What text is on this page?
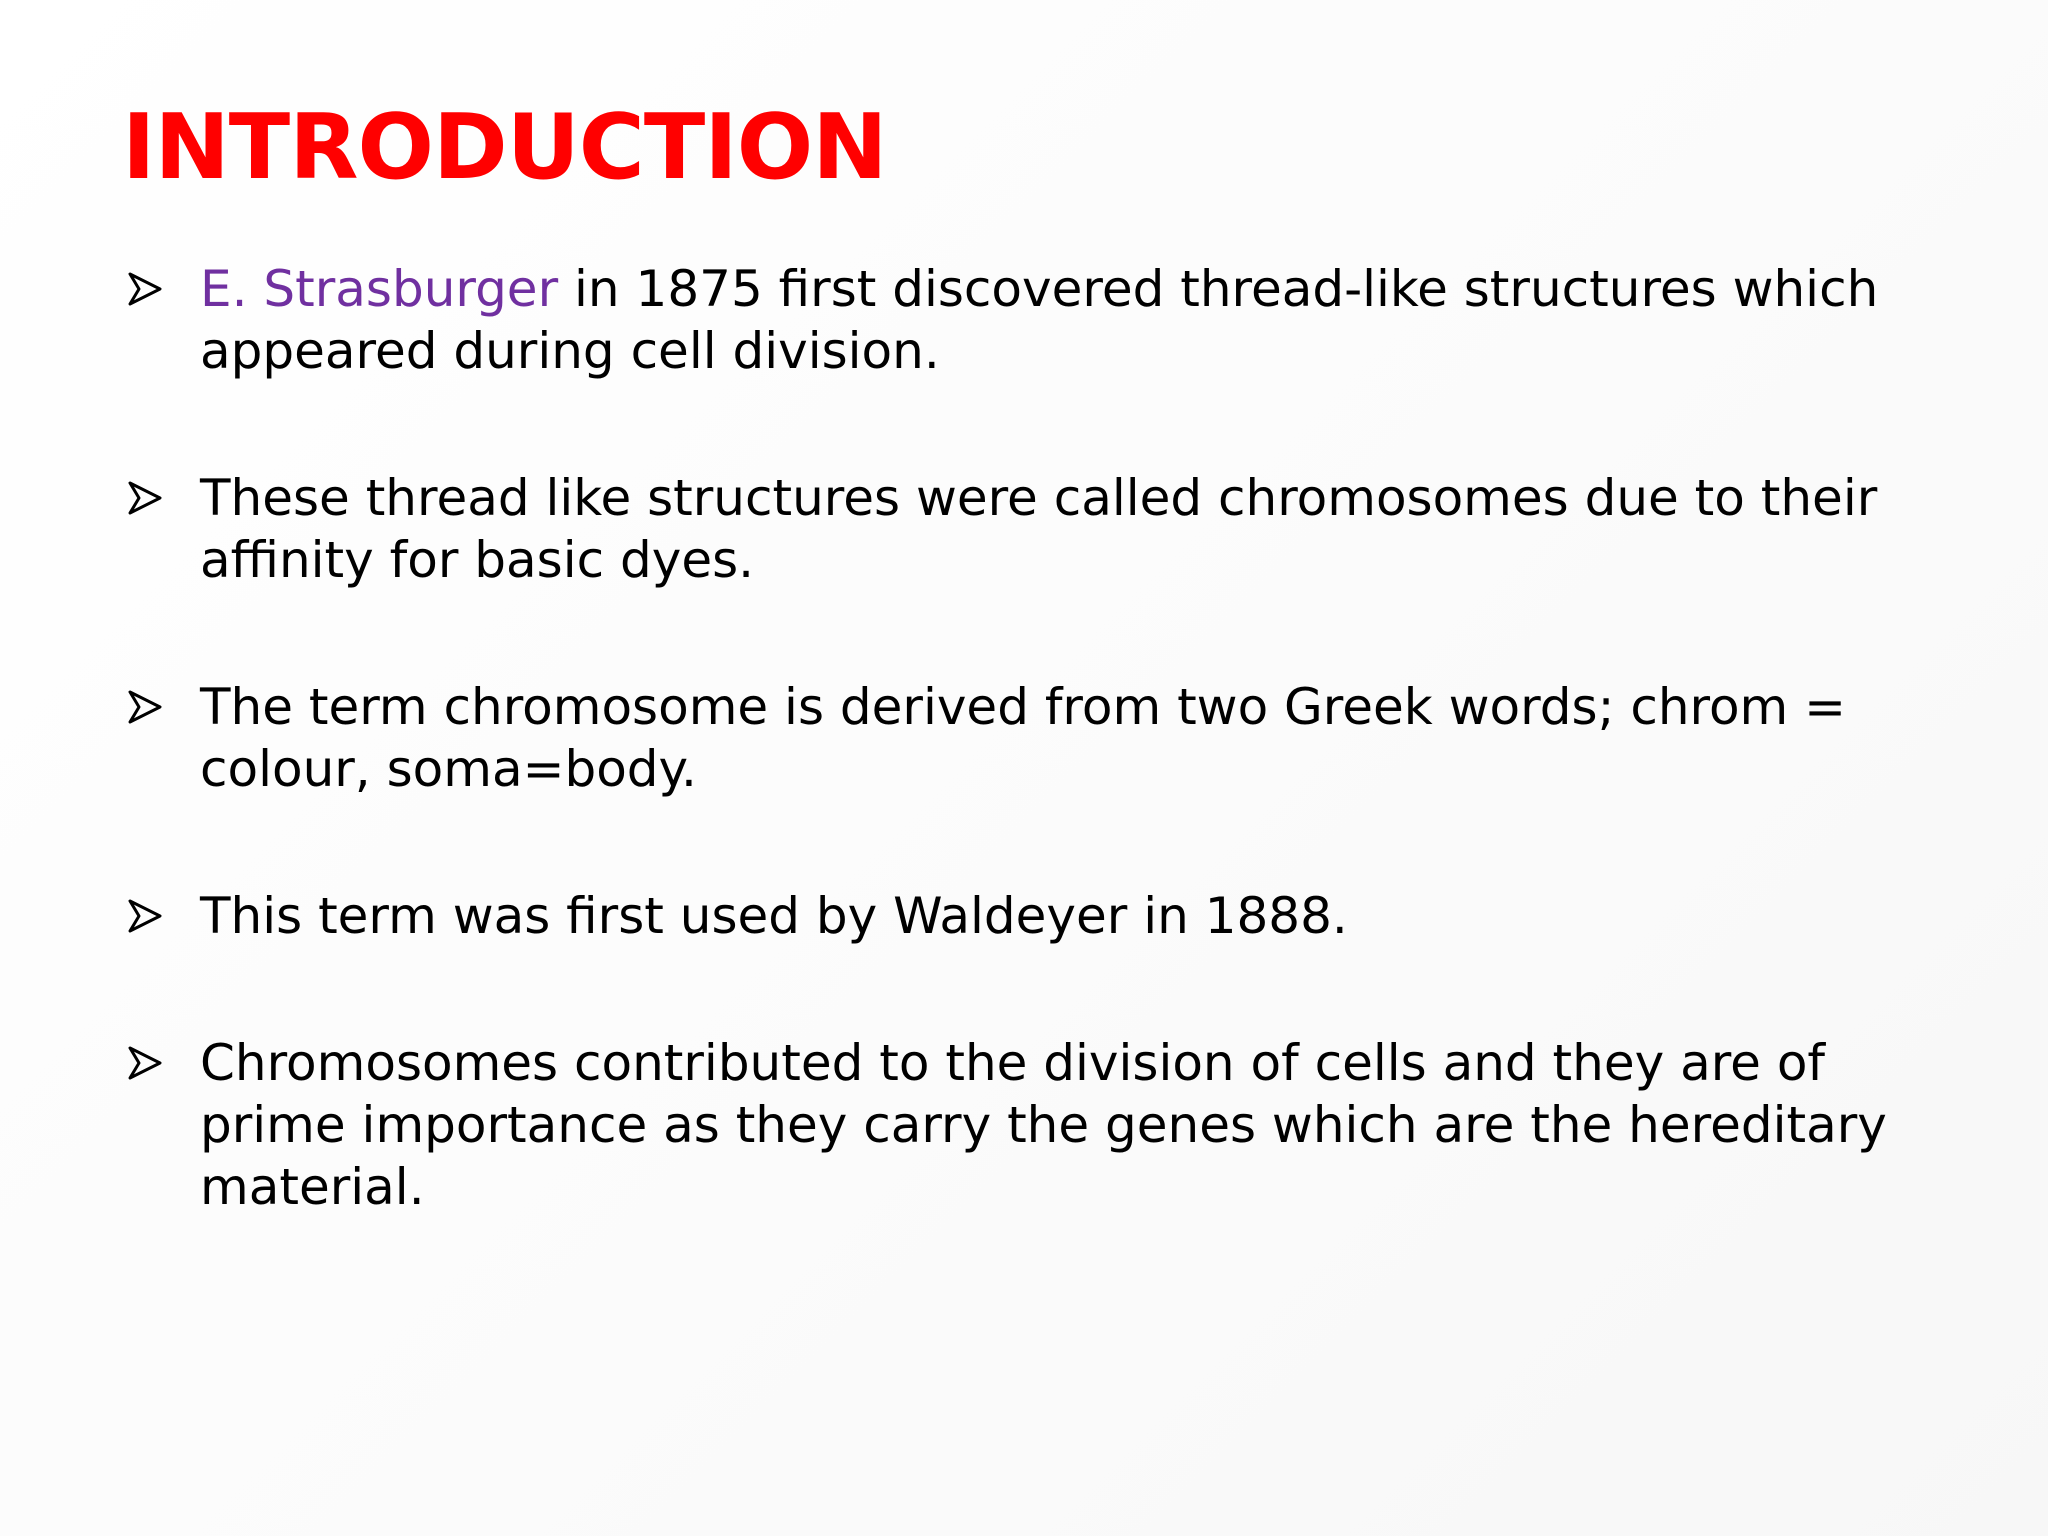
INTRODUCTION
E. Strasburger in 1875 first discovered thread-like structures which appeared during cell division.
These thread like structures were called chromosomes due to their affinity for basic dyes.
The term chromosome is derived from two Greek words; chrom = colour, soma=body.
This term was first used by Waldeyer in 1888.
Chromosomes contributed to the division of cells and they are of prime importance as they carry the genes which are the hereditary material.
